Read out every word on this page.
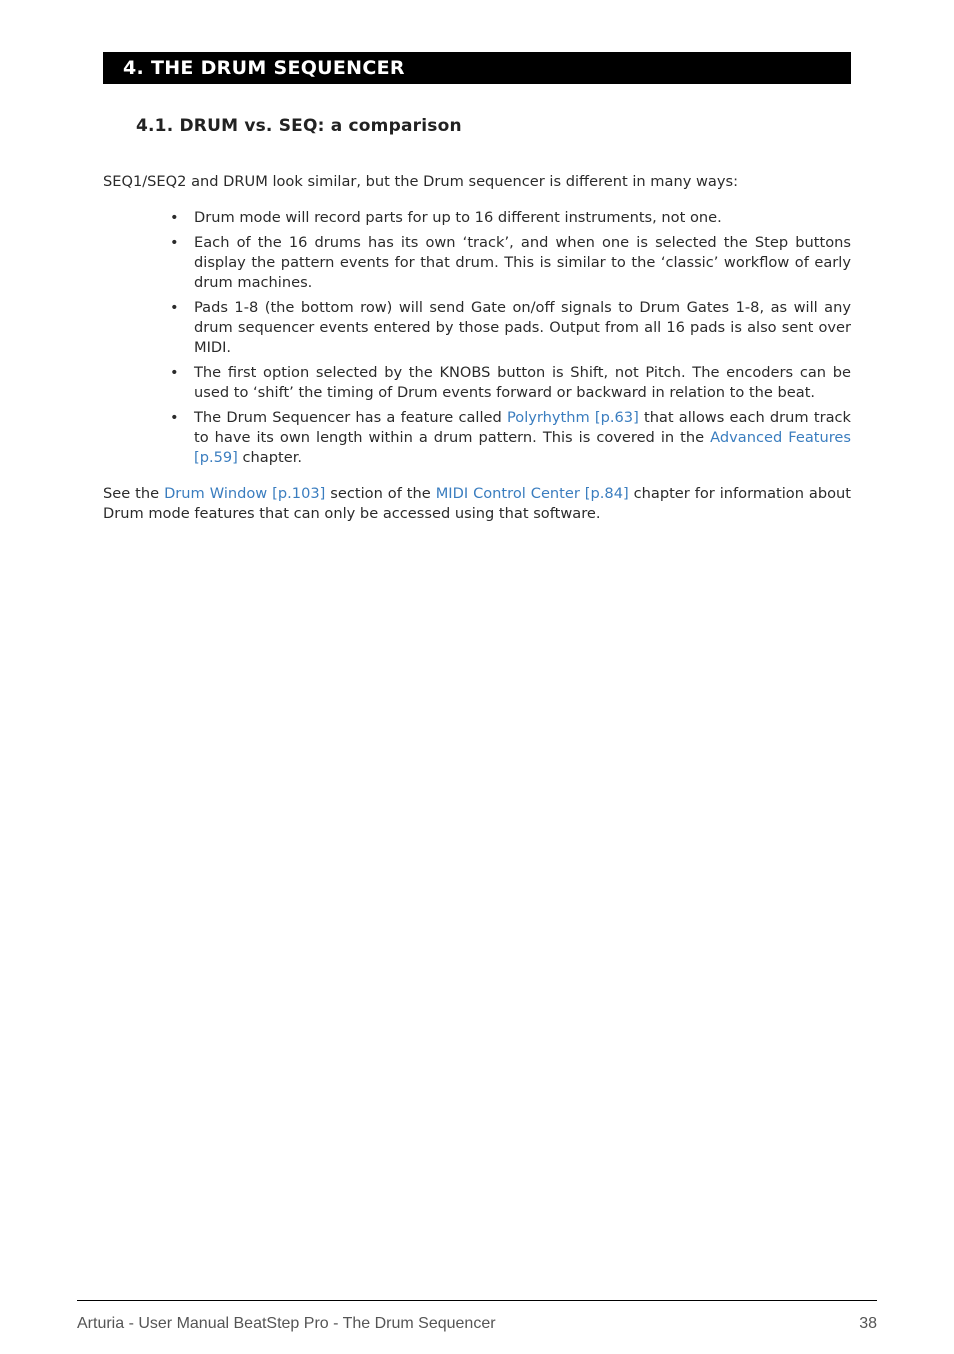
4. THE DRUM SEQUENCER
4.1. DRUM vs. SEQ: a comparison

SEQ1/SEQ2 and DRUM look similar, but the Drum sequencer is different in many ways:

• Drum mode will record parts for up to 16 different instruments, not one.
• Each of the 16 drums has its own ‘track’, and when one is selected the Step buttons display the pattern events for that drum. This is similar to the ‘classic’ workflow of early drum machines.
• Pads 1-8 (the bottom row) will send Gate on/off signals to Drum Gates 1-8, as will any drum sequencer events entered by those pads. Output from all 16 pads is also sent over MIDI.
• The first option selected by the KNOBS button is Shift, not Pitch. The encoders can be used to ‘shift’ the timing of Drum events forward or backward in relation to the beat.
• The Drum Sequencer has a feature called Polyrhythm [p.63] that allows each drum track to have its own length within a drum pattern. This is covered in the Advanced Features [p.59] chapter.

See the Drum Window [p.103] section of the MIDI Control Center [p.84] chapter for information about Drum mode features that can only be accessed using that software.

Arturia - User Manual BeatStep Pro - The Drum Sequencer	38
